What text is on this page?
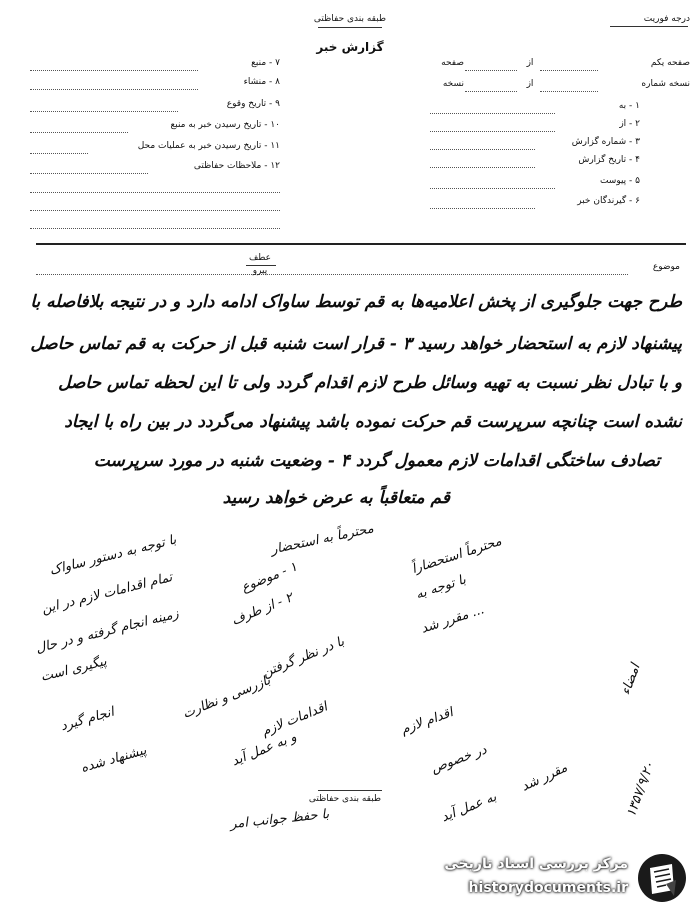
طبقه بندی حفاظتی
گزارش خبر
درجه فوریت
صفحه یکم
از
صفحه
نسخه شماره
از
نسخه
۱ - به
۲ - از
۳ - شماره گزارش
۴ - تاریخ گزارش
۵ - پیوست
۶ - گیرندگان خبر
۷ - منبع
۸ - منشاء
۹ - تاریخ وقوع
۱۰ - تاریخ رسیدن خبر به منبع
۱۱ - تاریخ رسیدن خبر به عملیات محل
۱۲ - ملاحظات حفاظتی
موضوع
عطف
پیرو
طرح جهت جلوگیری از پخش اعلامیه‌ها به قم توسط ساواک ادامه دارد و در نتیجه بلافاصله با
پیشنهاد لازم به استحضار خواهد رسید ۳ - قرار است شنبه قبل از حرکت به قم تماس حاصل
و با تبادل نظر نسبت به تهیه وسائل طرح لازم اقدام گردد ولی تا این لحظه تماس حاصل
نشده است چنانچه سرپرست قم حرکت نموده باشد پیشنهاد می‌گردد در بین راه با ایجاد
تصادف ساختگی اقدامات لازم معمول گردد ۴ - وضعیت شنبه در مورد سرپرست
قم متعاقباً به عرض خواهد رسید
محترماً به استحضار	محترماً استحضاراً
با توجه به
... مقرر شد
با توجه به دستور ساواک
تمام اقدامات لازم در این
زمینه انجام گرفته و در حال
پیگیری است
۱ - موضوع
۲ - از طرف
با در نظر گرفتن
بازرسی و نظارت
اقدامات لازم
و به عمل آید
انجام گیرد
پیشنهاد شده
اقدام لازم
در خصوص
مقرر شد
به عمل آید
با حفظ جوانب امر
امضاء
۱۳۵۷/۹/۲۰
طبقه بندی حفاظتی
مرکز بررسی اسناد تاریخی
historydocuments.ir
